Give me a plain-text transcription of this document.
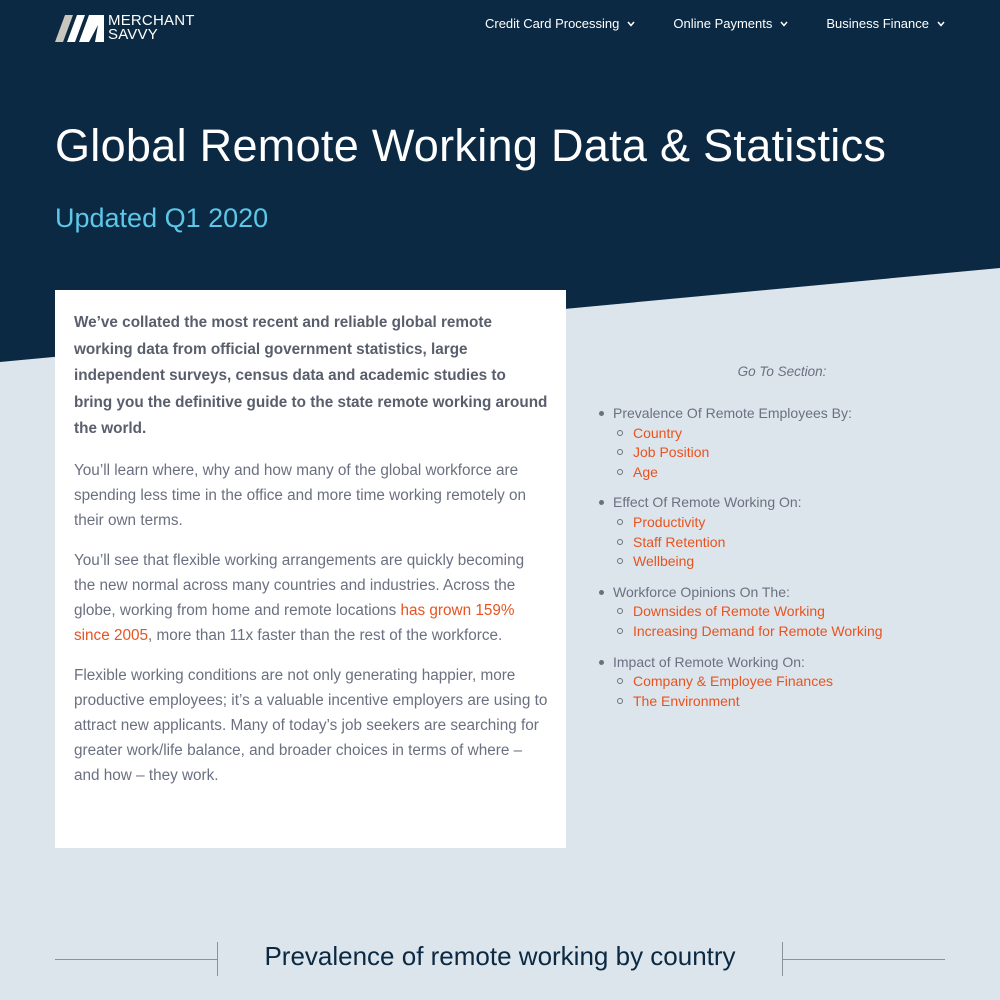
MERCHANT
SAVVY
Credit Card Processing	Online Payments	Business Finance
Global Remote Working Data & Statistics
Updated Q1 2020

We’ve collated the most recent and reliable global remote working data from official government statistics, large independent surveys, census data and academic studies to bring you the definitive guide to the state remote working around the world.

You’ll learn where, why and how many of the global workforce are spending less time in the office and more time working remotely on their own terms.

You’ll see that flexible working arrangements are quickly becoming the new normal across many countries and industries. Across the globe, working from home and remote locations has grown 159% since 2005, more than 11x faster than the rest of the workforce.

Flexible working conditions are not only generating happier, more productive employees; it’s a valuable incentive employers are using to attract new applicants. Many of today’s job seekers are searching for greater work/life balance, and broader choices in terms of where – and how – they work.

Go To Section:
Prevalence Of Remote Employees By:
Country
Job Position
Age
Effect Of Remote Working On:
Productivity
Staff Retention
Wellbeing
Workforce Opinions On The:
Downsides of Remote Working
Increasing Demand for Remote Working
Impact of Remote Working On:
Company & Employee Finances
The Environment
Prevalence of remote working by country
